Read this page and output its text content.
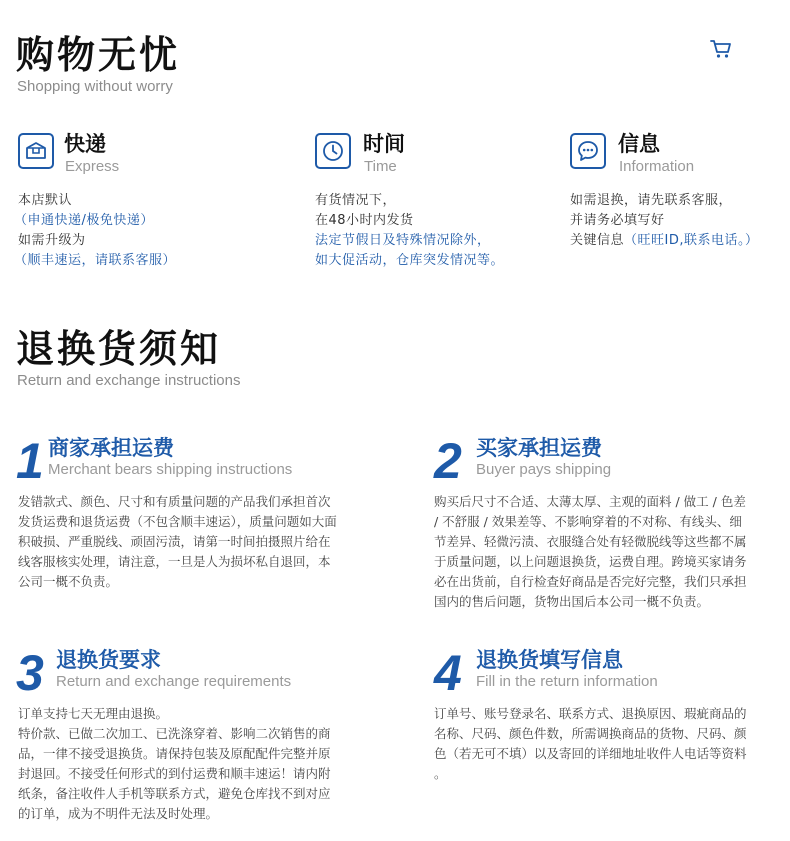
购物无忧
Shopping without worry
快递
Express
本店默认
（申通快递/极免快递）
如需升级为
（顺丰速运，请联系客服）
时间
Time
有货情况下，
在48小时内发货
法定节假日及特殊情况除外，
如大促活动，仓库突发情况等。
信息
Information
如需退换，请先联系客服，
并请务必填写好
关键信息（旺旺ID,联系电话。）
退换货须知
Return and exchange instructions
1 商家承担运费
Merchant bears shipping instructions
发错款式、颜色、尺寸和有质量问题的产品我们承担首次
发货运费和退货运费（不包含顺丰速运），质量问题如大面
积破损、严重脱线、顽固污渍，请第一时间拍摄照片给在
线客服核实处理，请注意，一旦是人为损坏私自退回，本
公司一概不负责。
2 买家承担运费
Buyer pays shipping
购买后尺寸不合适、太薄太厚、主观的面料 / 做工 / 色差
/ 不舒服 / 效果差等、不影响穿着的不对称、有线头、细
节差异、轻微污渍、衣服缝合处有轻微脱线等这些都不属
于质量问题，以上问题退换货，运费自理。跨境买家请务
必在出货前，自行检查好商品是否完好完整，我们只承担
国内的售后问题，货物出国后本公司一概不负责。
3 退换货要求
Return and exchange requirements
订单支持七天无理由退换。
特价款、已做二次加工、已洗涤穿着、影响二次销售的商
品，一律不接受退换货。请保持包装及原配配件完整并原
封退回。不接受任何形式的到付运费和顺丰速运！请内附
纸条，备注收件人手机等联系方式，避免仓库找不到对应
的订单，成为不明件无法及时处理。
4 退换货填写信息
Fill in the return information
订单号、账号登录名、联系方式、退换原因、瑕疵商品的
名称、尺码、颜色件数，所需调换商品的货物、尺码、颜
色（若无可不填）以及寄回的详细地址收件人电话等资料
。
